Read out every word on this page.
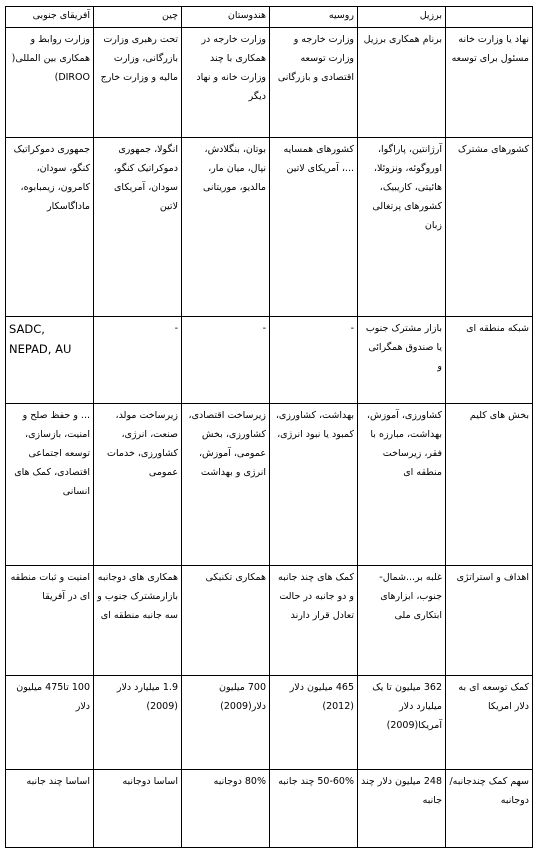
	برزیل	روسیه	هندوستان	چین	آفریقای جنوبی
نهاد یا وزارت خانه مسئول برای توسعه	برنام همکاری برزیل	وزارت خارجه و وزارت توسعه اقتصادی و بازرگانی	وزارت خارجه در همکاری با چند وزارت خانه و نهاد دیگر	تحت رهبری وزارت بازرگانی، وزارت مالیه و وزارت خارج	وزارت روابط و همکاری بین المللی( DIROO)
کشورهای مشترک	آرژانتین، پاراگوا، اوروگوئه، ونزوئلا، هائیتی، کاریبیک، کشورهای پرتغالی زبان	کشورهای همسایه ...، آمریکای لاتین	بوتان، بنگلادش، نپال، میان مار، مالدیو، موریتانی	انگولا، جمهوری دموکراتیک کنگو، سودان، آمریکای لاتین	جمهوری دموکراتیک کنگو، سودان، کامرون، زیمبابوه، ماداگاسکار
شبکه منطقه ای	بازار مشترک جنوب یا صندوق همگرائی و	-	-	-	SADC, NEPAD, AU
بخش های کلیم	کشاورزی، آموزش، بهداشت، مبارزه با فقر، زیرساخت منطقه ای	بهداشت، کشاورزی، کمبود یا نبود انرژی،	زیرساخت اقتصادی، کشاورزی، بخش عمومی، آموزش، انرژی و بهداشت	زیرساخت مولد، صنعت، انرژی، کشاورزی، خدمات عمومی	... و حفظ صلح و امنیت، بازسازی، توسعه اجتماعی اقتصادی، کمک های انسانی
اهداف و استراتژی	غلبه بر...شمال- جنوب، ابزارهای ابتکاری ملی	کمک های چند جانبه و دو جانبه در حالت تعادل قرار دارند	همکاری تکنیکی	همکاری های دوجانبه بازارمشترک جنوب و سه جانبه منطقه ای	امنیت و ثبات منطقه ای در آفریقا
کمک توسعه ای به دلار امریکا	362 میلیون تا یک میلیارد دلار آمریکا(2009)	465 میلیون دلار (2012)	700 میلیون دلار(2009)	1.9 میلیارد دلار (2009)	100 تا475 میلیون دلار
سهم کمک چندجانبه/دوجانبه	248 میلیون دلار چند جانبه	50-60% چند جانبه	80% دوجانبه	اساسا دوجانبه	اساسا چند جانبه
